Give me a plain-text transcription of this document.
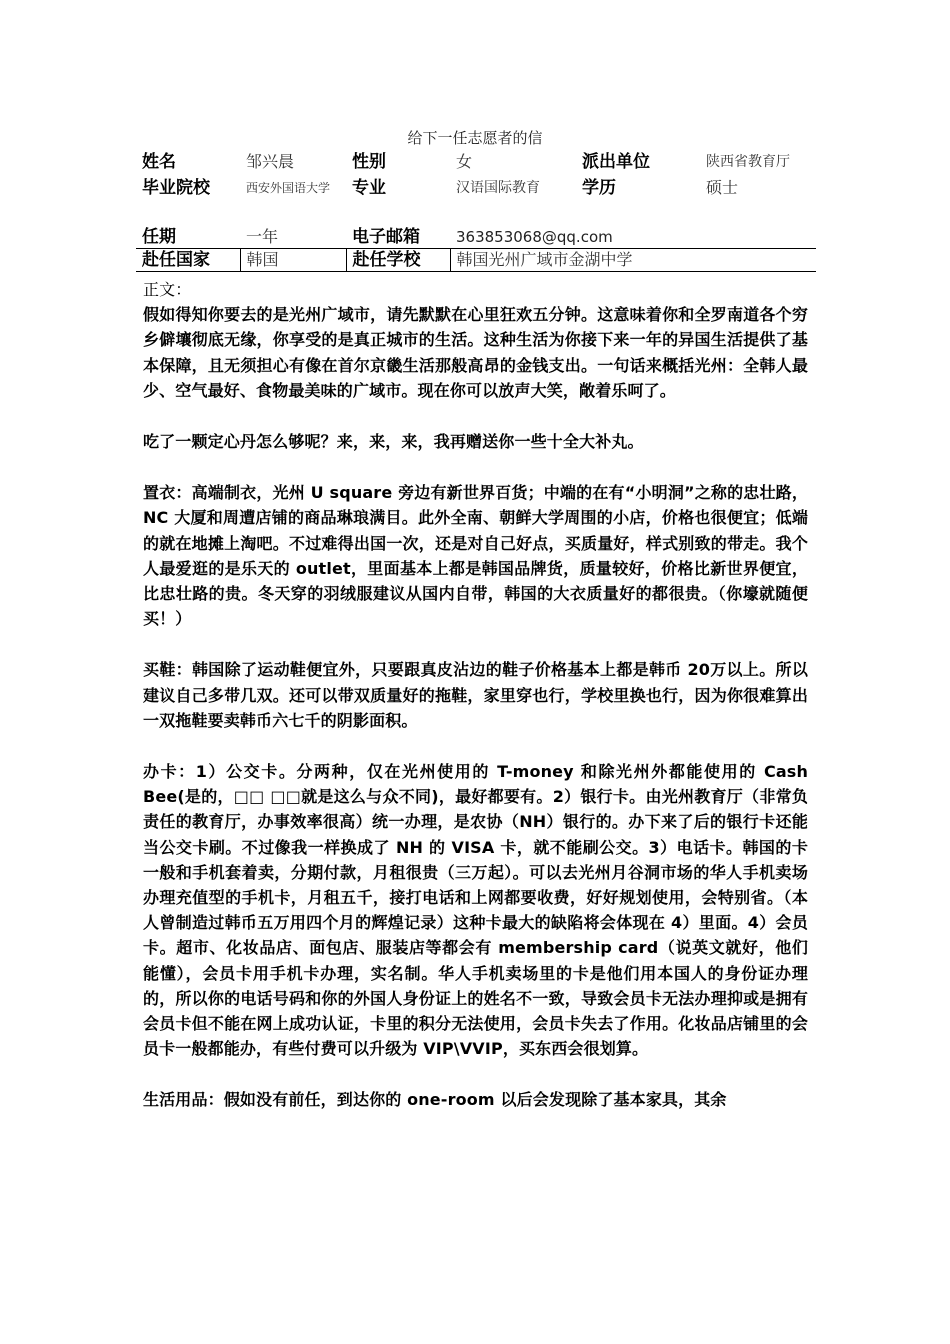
给下一任志愿者的信
姓名	邹兴晨	性别	女	派出单位	陕西省教育厅
毕业院校	西安外国语大学	专业	汉语国际教育	学历	硕士
任期	一年	电子邮箱	363853068@qq.com		
赴任国家	韩国	赴任学校	韩国光州广域市金湖中学		

正文：

假如得知你要去的是光州广域市，请先默默在心里狂欢五分钟。这意味着你和全罗南道各个穷乡僻壤彻底无缘，你享受的是真正城市的生活。这种生活为你接下来一年的异国生活提供了基本保障，且无须担心有像在首尔京畿生活那般高昂的金钱支出。一句话来概括光州：全韩人最少、空气最好、食物最美味的广域市。现在你可以放声大笑，敞着乐呵了。

吃了一颗定心丹怎么够呢？来，来，来，我再赠送你一些十全大补丸。

置衣：高端制衣，光州 U square 旁边有新世界百货；中端的在有“小明洞”之称的忠壮路，NC 大厦和周遭店铺的商品琳琅满目。此外全南、朝鲜大学周围的小店，价格也很便宜；低端的就在地摊上淘吧。不过难得出国一次，还是对自己好点，买质量好，样式别致的带走。我个人最爱逛的是乐天的 outlet，里面基本上都是韩国品牌货，质量较好，价格比新世界便宜，比忠壮路的贵。冬天穿的羽绒服建议从国内自带，韩国的大衣质量好的都很贵。（你壕就随便买！）

买鞋：韩国除了运动鞋便宜外，只要跟真皮沾边的鞋子价格基本上都是韩币 20万以上。所以建议自己多带几双。还可以带双质量好的拖鞋，家里穿也行，学校里换也行，因为你很难算出一双拖鞋要卖韩币六七千的阴影面积。

办卡：1）公交卡。分两种，仅在光州使用的 T-money 和除光州外都能使用的 Cash Bee(是的，□□ □□就是这么与众不同)，最好都要有。2）银行卡。由光州教育厅（非常负责任的教育厅，办事效率很高）统一办理，是农协（NH）银行的。办下来了后的银行卡还能当公交卡刷。不过像我一样换成了 NH 的 VISA 卡，就不能刷公交。3）电话卡。韩国的卡一般和手机套着卖，分期付款，月租很贵（三万起）。可以去光州月谷洞市场的华人手机卖场办理充值型的手机卡，月租五千，接打电话和上网都要收费，好好规划使用，会特别省。（本人曾制造过韩币五万用四个月的辉煌记录）这种卡最大的缺陷将会体现在 4）里面。4）会员卡。超市、化妆品店、面包店、服装店等都会有 membership card（说英文就好，他们能懂），会员卡用手机卡办理，实名制。华人手机卖场里的卡是他们用本国人的身份证办理的，所以你的电话号码和你的外国人身份证上的姓名不一致，导致会员卡无法办理抑或是拥有会员卡但不能在网上成功认证，卡里的积分无法使用，会员卡失去了作用。化妆品店铺里的会员卡一般都能办，有些付费可以升级为 VIP\VVIP，买东西会很划算。

生活用品：假如没有前任，到达你的 one-room 以后会发现除了基本家具，其余
